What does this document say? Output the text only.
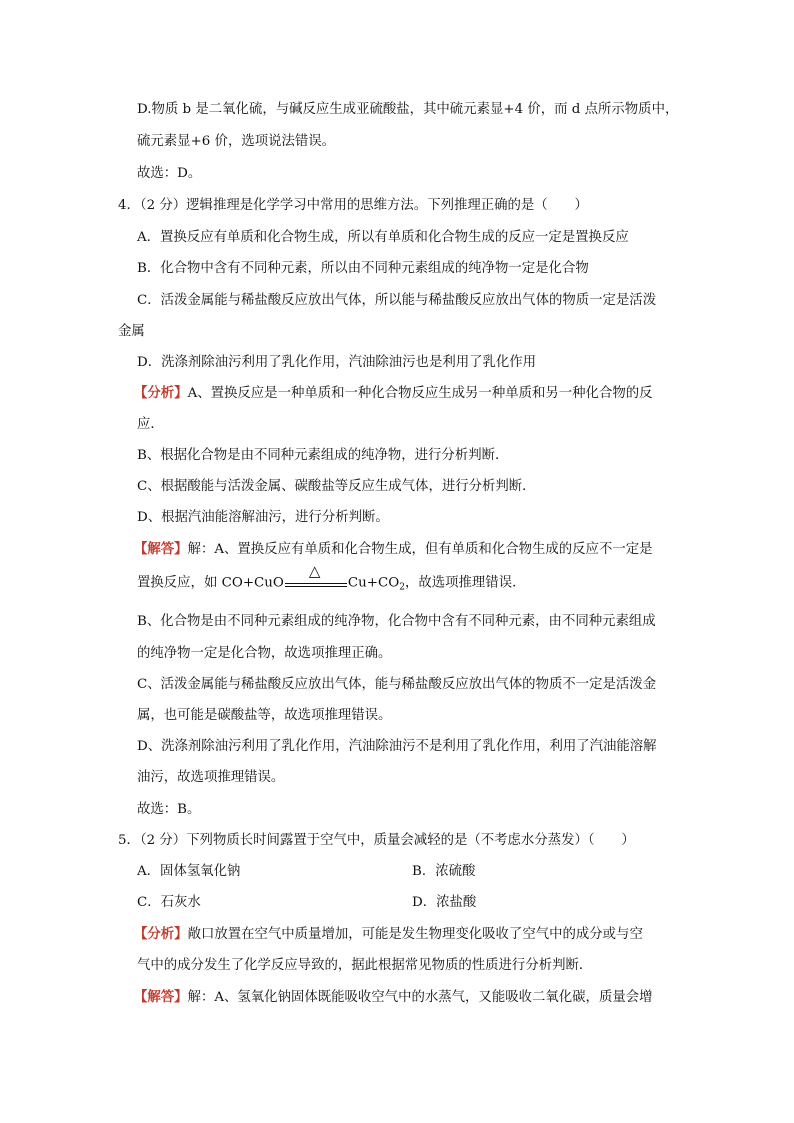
D.物质 b 是二氧化硫，与碱反应生成亚硫酸盐，其中硫元素显+4 价，而 d 点所示物质中，
硫元素显+6 价，选项说法错误。
故选：D。
4．（2 分）逻辑推理是化学学习中常用的思维方法。下列推理正确的是（　　）
A．置换反应有单质和化合物生成，所以有单质和化合物生成的反应一定是置换反应
B．化合物中含有不同种元素，所以由不同种元素组成的纯净物一定是化合物
C．活泼金属能与稀盐酸反应放出气体，所以能与稀盐酸反应放出气体的物质一定是活泼
金属
D．洗涤剂除油污利用了乳化作用，汽油除油污也是利用了乳化作用
【分析】A、置换反应是一种单质和一种化合物反应生成另一种单质和另一种化合物的反
应．
B、根据化合物是由不同种元素组成的纯净物，进行分析判断．
C、根据酸能与活泼金属、碳酸盐等反应生成气体，进行分析判断．
D、根据汽油能溶解油污，进行分析判断。
【解答】解：A、置换反应有单质和化合物生成，但有单质和化合物生成的反应不一定是
置换反应，如 CO+CuO
△
$Cu+CO_2$，故选项推理错误．
B、化合物是由不同种元素组成的纯净物，化合物中含有不同种元素，由不同种元素组成
的纯净物一定是化合物，故选项推理正确。
C、活泼金属能与稀盐酸反应放出气体，能与稀盐酸反应放出气体的物质不一定是活泼金
属，也可能是碳酸盐等，故选项推理错误。
D、洗涤剂除油污利用了乳化作用，汽油除油污不是利用了乳化作用，利用了汽油能溶解
油污，故选项推理错误。
故选：B。
5．（2 分）下列物质长时间露置于空气中，质量会减轻的是（不考虑水分蒸发）（　　）
A．固体氢氧化钠	B．浓硫酸
C．石灰水	D．浓盐酸
【分析】敞口放置在空气中质量增加，可能是发生物理变化吸收了空气中的成分或与空
气中的成分发生了化学反应导致的，据此根据常见物质的性质进行分析判断．
【解答】解：A、氢氧化钠固体既能吸收空气中的水蒸气，又能吸收二氧化碳，质量会增
